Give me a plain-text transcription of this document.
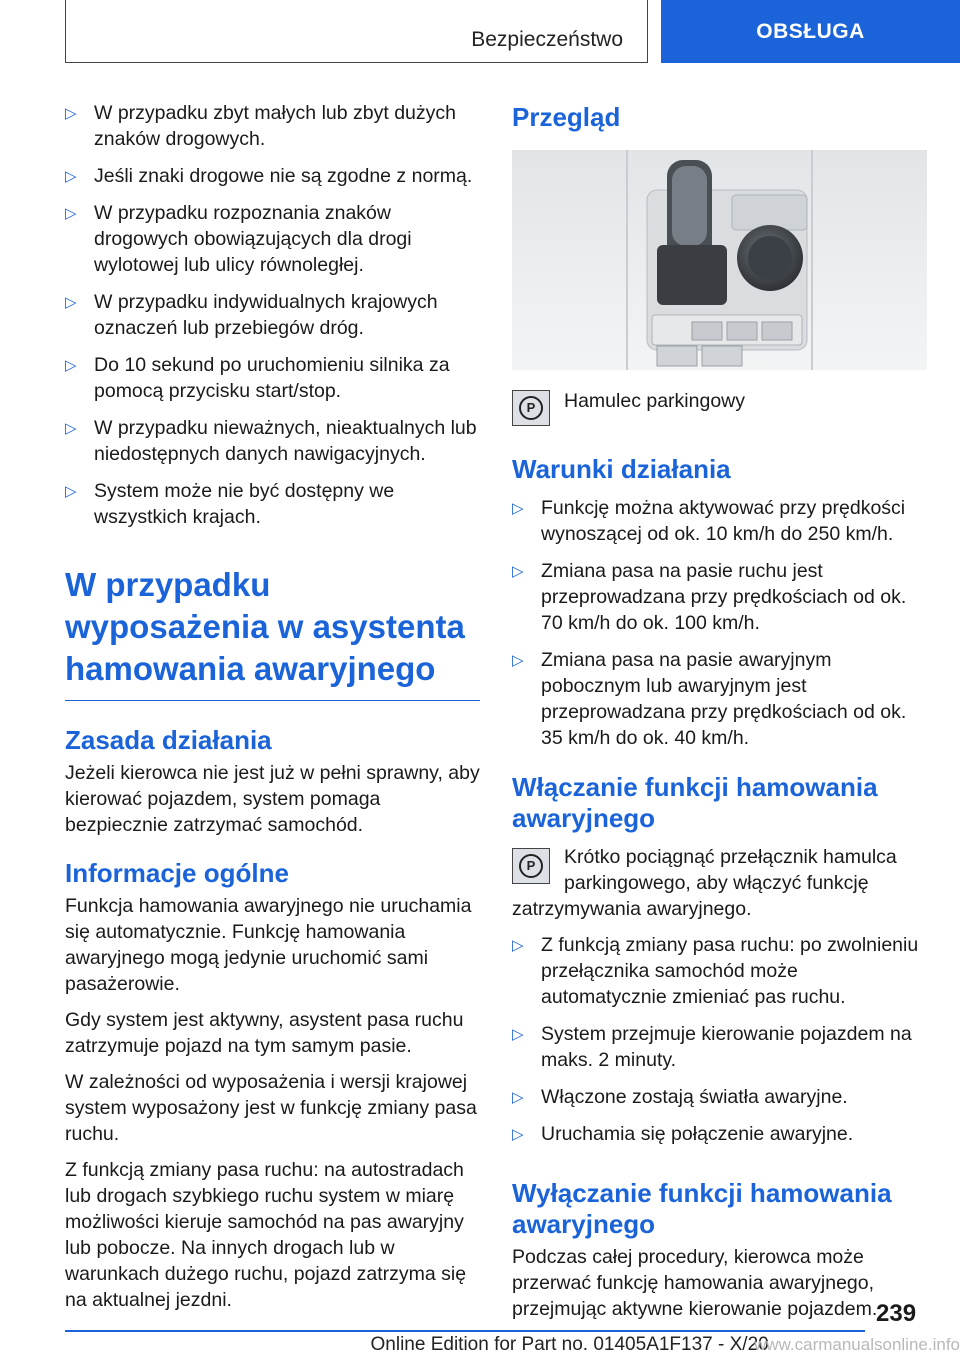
Bezpieczeństwo	OBSŁUGA
▷ W przypadku zbyt małych lub zbyt dużych znaków drogowych.
▷ Jeśli znaki drogowe nie są zgodne z normą.
▷ W przypadku rozpoznania znaków drogowych obowiązujących dla drogi wylotowej lub ulicy równoległej.
▷ W przypadku indywidualnych krajowych oznaczeń lub przebiegów dróg.
▷ Do 10 sekund po uruchomieniu silnika za pomocą przycisku start/stop.
▷ W przypadku nieważnych, nieaktualnych lub niedostępnych danych nawigacyjnych.
▷ System może nie być dostępny we wszystkich krajach.
W przypadku wyposażenia w asystenta hamowania awaryjnego
Zasada działania

Jeżeli kierowca nie jest już w pełni sprawny, aby kierować pojazdem, system pomaga bezpiecznie zatrzymać samochód.

Informacje ogólne

Funkcja hamowania awaryjnego nie uruchamia się automatycznie. Funkcję hamowania awaryjnego mogą jedynie uruchomić sami pasażerowie.

Gdy system jest aktywny, asystent pasa ruchu zatrzymuje pojazd na tym samym pasie.

W zależności od wyposażenia i wersji krajowej system wyposażony jest w funkcję zmiany pasa ruchu.

Z funkcją zmiany pasa ruchu: na autostradach lub drogach szybkiego ruchu system w miarę możliwości kieruje samochód na pas awaryjny lub pobocze. Na innych drogach lub w warunkach dużego ruchu, pojazd zatrzyma się na aktualnej jezdni.

Przegląd
P	Hamulec parkingowy
Warunki działania
▷ Funkcję można aktywować przy prędkości wynoszącej od ok. 10 km/h do 250 km/h.
▷ Zmiana pasa na pasie ruchu jest przeprowadzana przy prędkościach od ok. 70 km/h do ok. 100 km/h.
▷ Zmiana pasa na pasie awaryjnym pobocznym lub awaryjnym jest przeprowadzana przy prędkościach od ok. 35 km/h do ok. 40 km/h.
Włączanie funkcji hamowania awaryjnego
P	Krótko pociągnąć przełącznik hamulca parkingowego, aby włączyć funkcję zatrzymywania awaryjnego.
▷ Z funkcją zmiany pasa ruchu: po zwolnieniu przełącznika samochód może automatycznie zmieniać pas ruchu.
▷ System przejmuje kierowanie pojazdem na maks. 2 minuty.
▷ Włączone zostają światła awaryjne.
▷ Uruchamia się połączenie awaryjne.
Wyłączanie funkcji hamowania awaryjnego

Podczas całej procedury, kierowca może przerwać funkcję hamowania awaryjnego, przejmując aktywne kierowanie pojazdem.

239
Online Edition for Part no. 01405A1F137 - X/20 www.carmanualsonline.info
